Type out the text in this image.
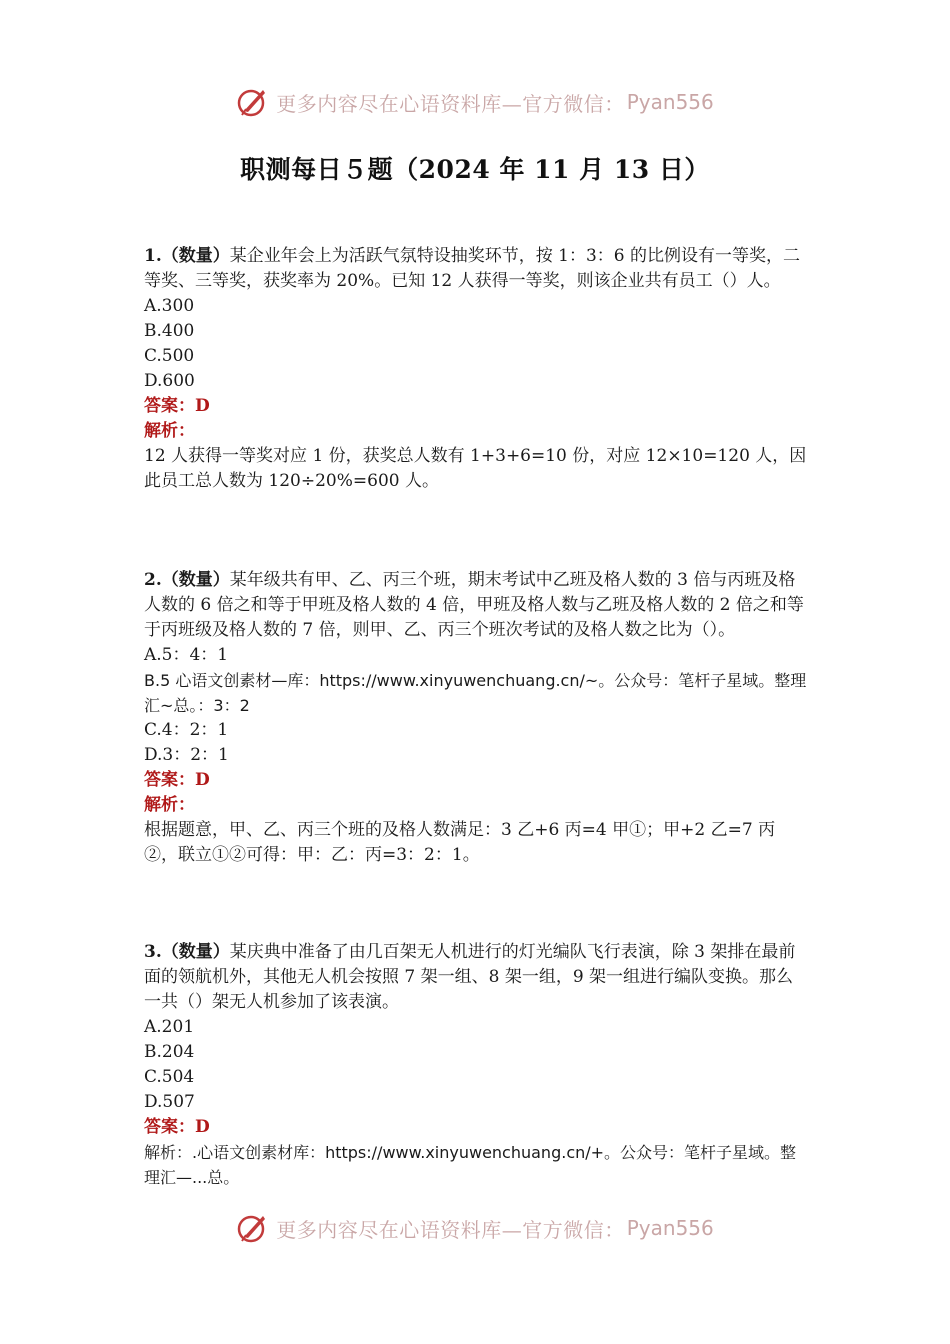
更多内容尽在心语资料库—官方微信： Pyan556
职测每日５题（2024 年 11 月 13 日）
1.（数量）某企业年会上为活跃气氛特设抽奖环节，按 1：3：6 的比例设有一等奖，二等奖、三等奖，获奖率为 20%。已知 12 人获得一等奖，则该企业共有员工（）人。
A.300
B.400
C.500
D.600
答案：D
解析：
12 人获得一等奖对应 1 份，获奖总人数有 1+3+6=10 份，对应 12×10=120 人，因此员工总人数为 120÷20%=600 人。
2.（数量）某年级共有甲、乙、丙三个班，期末考试中乙班及格人数的 3 倍与丙班及格人数的 6 倍之和等于甲班及格人数的 4 倍，甲班及格人数与乙班及格人数的 2 倍之和等于丙班级及格人数的 7 倍，则甲、乙、丙三个班次考试的及格人数之比为（）。
A.5：4：1
B.5 心语文创素材—库：https://www.xinyuwenchuang.cn/~。公众号：笔杆子星域。整理汇~总。：3：2
C.4：2：1
D.3：2：1
答案：D
解析：
根据题意，甲、乙、丙三个班的及格人数满足：3 乙+6 丙=4 甲①；甲+2 乙=7 丙②，联立①②可得：甲：乙：丙=3：2：1。
3.（数量）某庆典中准备了由几百架无人机进行的灯光编队飞行表演，除 3 架排在最前面的领航机外，其他无人机会按照 7 架一组、8 架一组，9 架一组进行编队变换。那么一共（）架无人机参加了该表演。
A.201
B.204
C.504
D.507
答案：D
解析：.心语文创素材库：https://www.xinyuwenchuang.cn/+。公众号：笔杆子星域。整理汇—...总。
更多内容尽在心语资料库—官方微信： Pyan556
